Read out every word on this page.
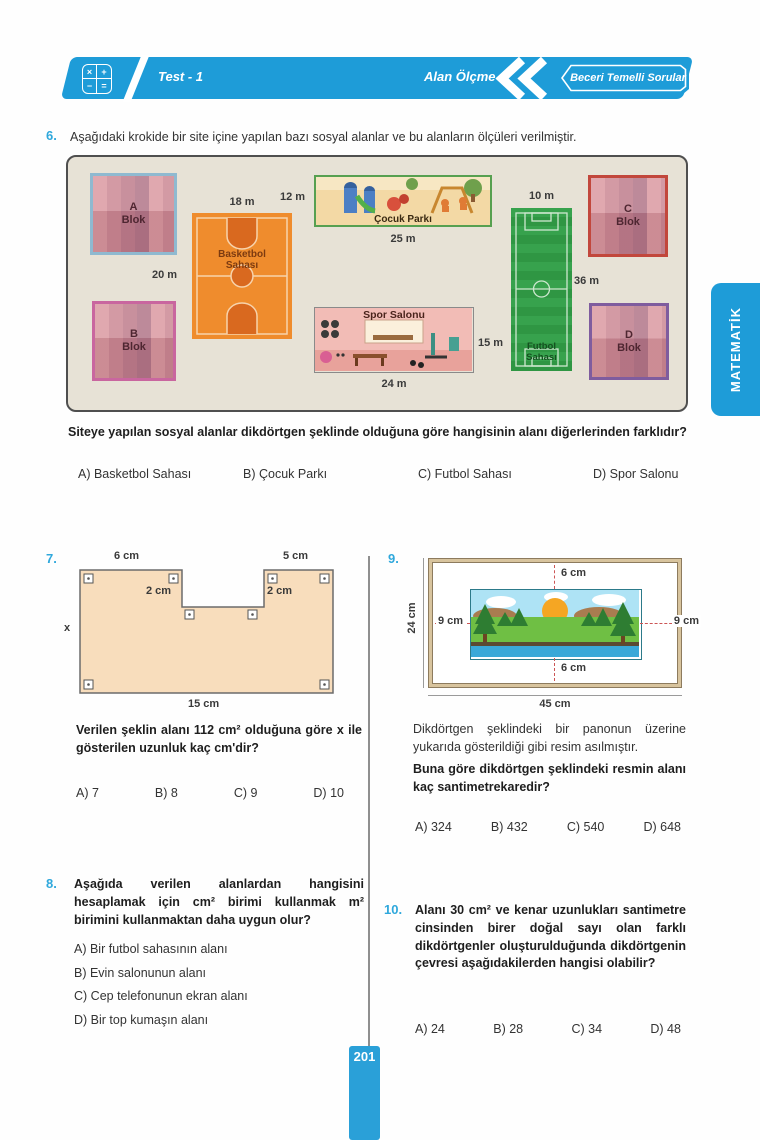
×	+
−	=
Test - 1	Alan Ölçme	Beceri Temelli Sorular
6. Aşağıdaki krokide bir site içine yapılan bazı sosyal alanlar ve bu alanların ölçüleri verilmiştir.
A
Blok
B
Blok
C
Blok
D
Blok
Basketbol
Sahası
Çocuk Parkı
Spor Salonu
Futbol
Sahası
18 m
20 m
12 m
25 m
15 m
24 m
10 m
36 m
Siteye yapılan sosyal alanlar dikdörtgen şeklinde olduğuna göre hangisinin alanı diğerlerinden farklıdır?
A) Basketbol Sahası	B) Çocuk Parkı	C) Futbol Sahası	D) Spor Salonu
7.	6 cm	5 cm
2 cm	2 cm
x
15 cm
Verilen şeklin alanı 112 cm² olduğuna göre x ile gösterilen uzunluk kaç cm'dir?
A) 7	B) 8	C) 9	D) 10
9.
6 cm
6 cm
9 cm	9 cm
24 cm
45 cm
Dikdörtgen şeklindeki bir panonun üzerine yukarıda gösterildiği gibi resim asılmıştır.
Buna göre dikdörtgen şeklindeki resmin alanı kaç santimetrekaredir?
A) 324	B) 432	C) 540	D) 648
8. Aşağıda verilen alanlardan hangisini hesaplamak için cm² birimi kullanmak m² birimini kullanmaktan daha uygun olur?
A) Bir futbol sahasının alanı
B) Evin salonunun alanı
C) Cep telefonunun ekran alanı
D) Bir top kumaşın alanı
10. Alanı 30 cm² ve kenar uzunlukları santimetre cinsinden birer doğal sayı olan farklı dikdörtgenler oluşturulduğunda dikdörtgenin çevresi aşağıdakilerden hangisi olabilir?
A) 24	B) 28	C) 34	D) 48
MATEMATİK
201
